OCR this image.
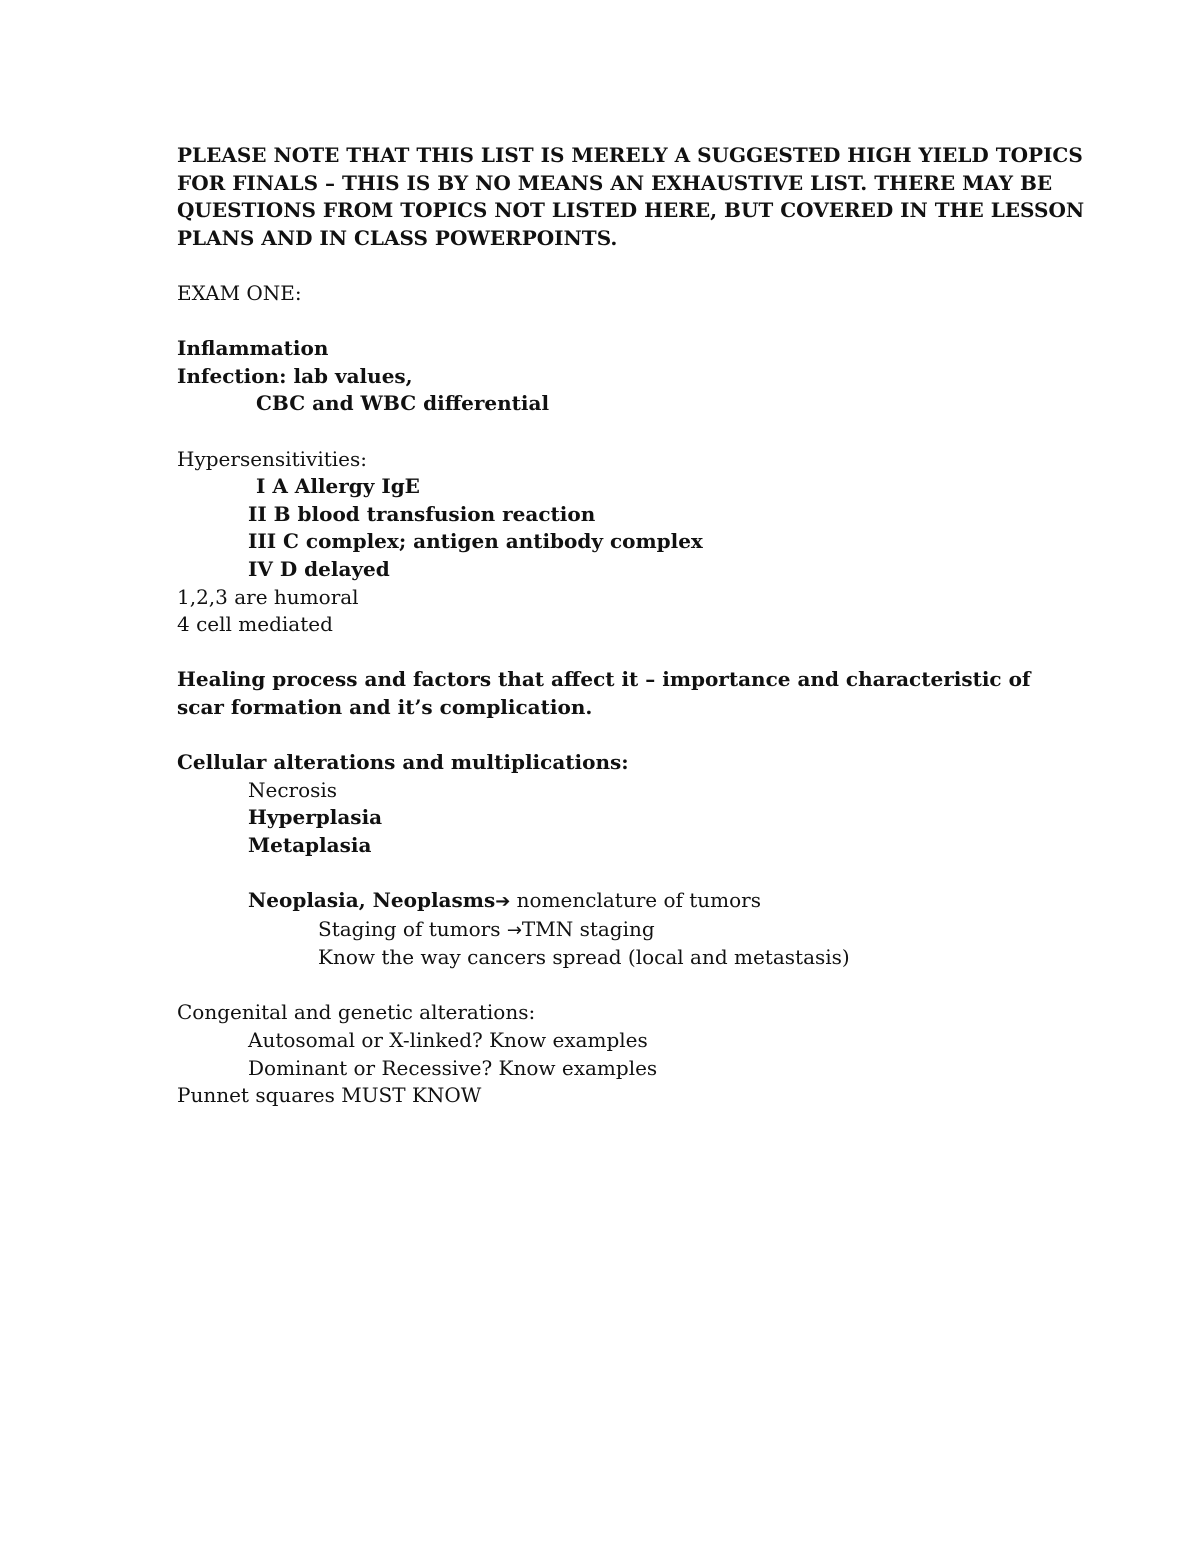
PLEASE NOTE THAT THIS LIST IS MERELY A SUGGESTED HIGH YIELD TOPICS
FOR FINALS – THIS IS BY NO MEANS AN EXHAUSTIVE LIST. THERE MAY BE
QUESTIONS FROM TOPICS NOT LISTED HERE, BUT COVERED IN THE LESSON
PLANS AND IN CLASS POWERPOINTS.
EXAM ONE:
Inflammation
Infection: lab values,
CBC and WBC differential
Hypersensitivities:
I A Allergy IgE
II B blood transfusion reaction
III C complex; antigen antibody complex
IV D delayed
1,2,3 are humoral
4 cell mediated
Healing process and factors that affect it – importance and characteristic of
scar formation and it’s complication.
Cellular alterations and multiplications:
Necrosis
Hyperplasia
Metaplasia
Neoplasia, Neoplasms➔ nomenclature of tumors
Staging of tumors →TMN staging
Know the way cancers spread (local and metastasis)
Congenital and genetic alterations:
Autosomal or X-linked? Know examples
Dominant or Recessive? Know examples
Punnet squares MUST KNOW
